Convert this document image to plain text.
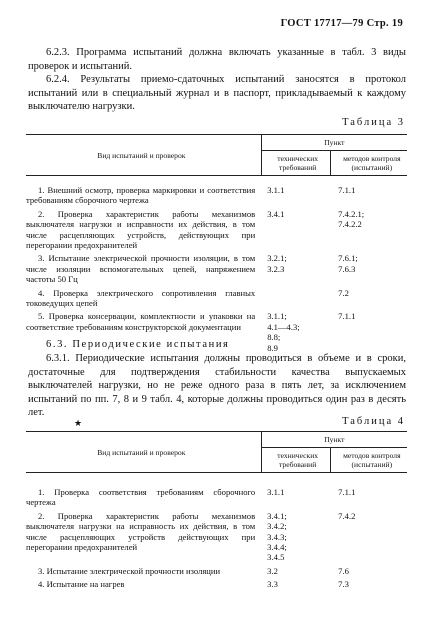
ГОСТ 17717—79 Стр. 19
6.2.3. Программа испытаний должна включать указанные в табл. 3 виды проверок и испытаний.
6.2.4. Результаты приемо-сдаточных испытаний заносятся в протокол испытаний или в специальный журнал и в паспорт, прикладываемый к каждому выключателю нагрузки.
Таблица 3
Вид испытаний и проверок	Пункт	
	технических требований	методов контроля (испытаний)
1. Внешний осмотр, проверка маркировки и соответствия требованиям сборочного чертежа	3.1.1	7.1.1
2. Проверка характеристик работы механизмов выключателя нагрузки и исправности их действия, в том числе расцепляющих устройств, действующих при перегорании предохранителей	3.4.1	7.4.2.1;
7.4.2.2
3. Испытание электрической прочности изоляции, в том числе изоляции вспомогательных цепей, напряжением частоты 50 Гц	3.2.1;
3.2.3	7.6.1;
7.6.3
4. Проверка электрического сопротивления главных токоведущих цепей		7.2
5. Проверка консервации, комплектности и упаковки на соответствие требованиям конструкторской документации	3.1.1;
4.1—4.3;
8.8;
8.9	7.1.1
6.3. Периодические испытания
6.3.1. Периодические испытания должны проводиться в объеме и в сроки, достаточные для подтверждения стабильности качества выпускаемых выключателей нагрузки, но не реже одного раза в пять лет, за исключением испытаний по пп. 7, 8 и 9 табл. 4, которые должны проводиться один раз в десять лет.
★	Таблица 4
Вид испытаний и проверок	Пункт	
	технических требований	методов контроля (испытаний)
1. Проверка соответствия требованиям сборочного чертежа	3.1.1	7.1.1
2. Проверка характеристик работы механизмов выключателя нагрузки на исправность их действия, в том числе расцепляющих устройств действующих при перегорании предохранителей	3.4.1;
3.4.2;
3.4.3;
3.4.4;
3.4.5	7.4.2
3. Испытание электрической прочности изоляции	3.2	7.6
4. Испытание на нагрев	3.3	7.3
